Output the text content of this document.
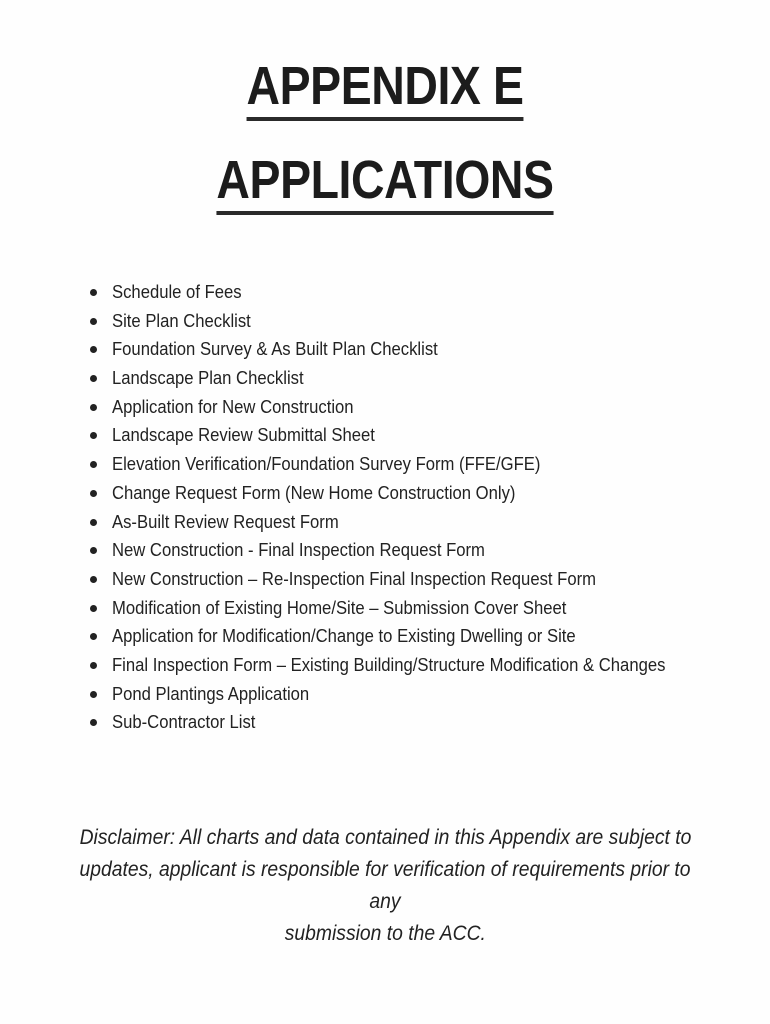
APPENDIX E
APPLICATIONS
Schedule of Fees
Site Plan Checklist
Foundation Survey & As Built Plan Checklist
Landscape Plan Checklist
Application for New Construction
Landscape Review Submittal Sheet
Elevation Verification/Foundation Survey Form (FFE/GFE)
Change Request Form (New Home Construction Only)
As-Built Review Request Form
New Construction - Final Inspection Request Form
New Construction – Re-Inspection Final Inspection Request Form
Modification of Existing Home/Site – Submission Cover Sheet
Application for Modification/Change to Existing Dwelling or Site
Final Inspection Form – Existing Building/Structure Modification & Changes
Pond Plantings Application
Sub-Contractor List

Disclaimer: All charts and data contained in this Appendix are subject to
updates, applicant is responsible for verification of requirements prior to any
submission to the ACC.
